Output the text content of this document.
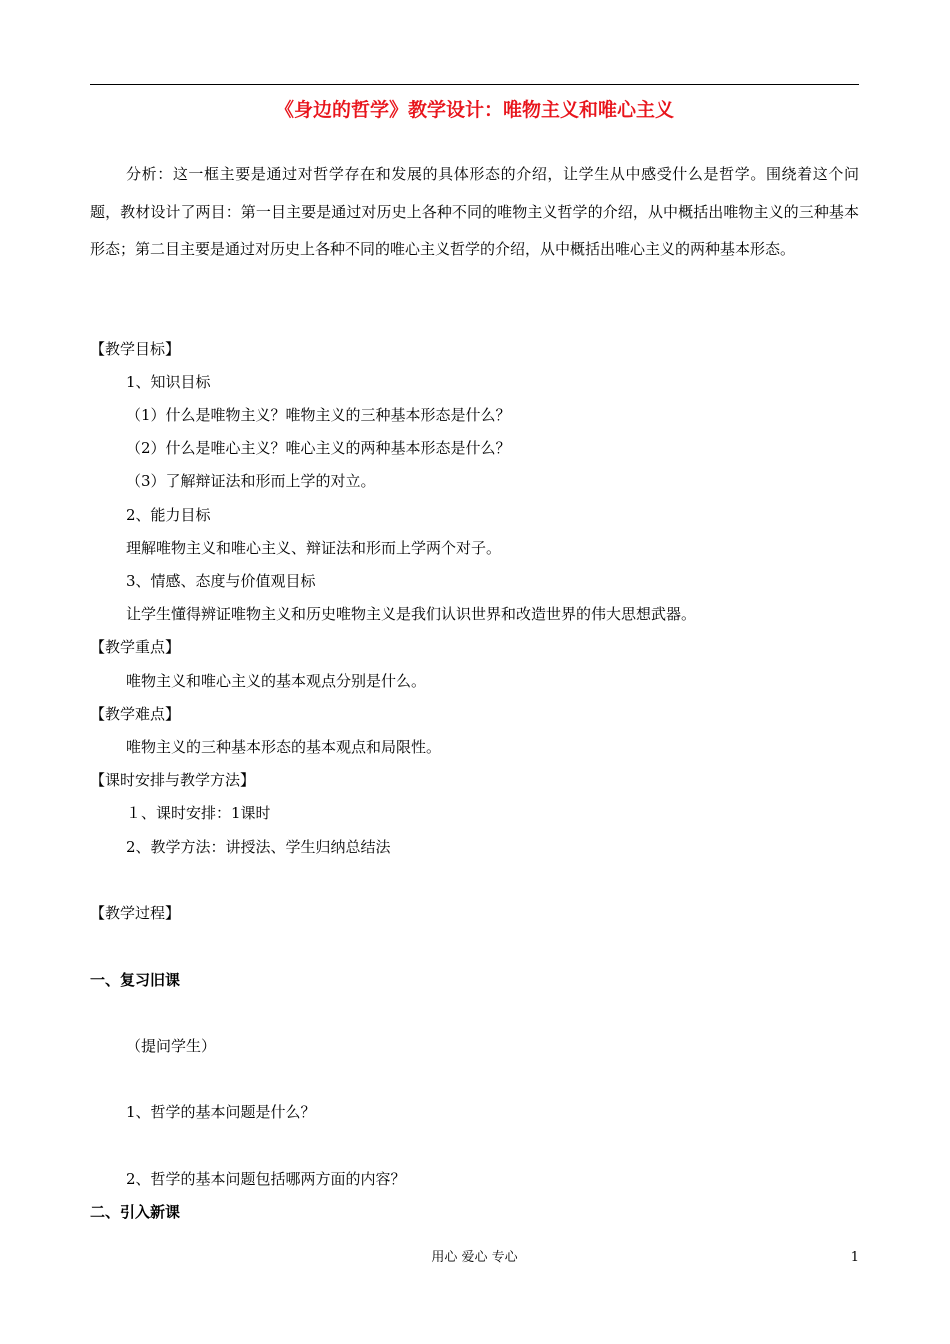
《身边的哲学》教学设计：唯物主义和唯心主义
分析：这一框主要是通过对哲学存在和发展的具体形态的介绍，让学生从中感受什么是哲学。围绕着这个问题，教材设计了两目：第一目主要是通过对历史上各种不同的唯物主义哲学的介绍，从中概括出唯物主义的三种基本形态；第二目主要是通过对历史上各种不同的唯心主义哲学的介绍，从中概括出唯心主义的两种基本形态。
【教学目标】
1、知识目标
（1）什么是唯物主义？唯物主义的三种基本形态是什么？
（2）什么是唯心主义？唯心主义的两种基本形态是什么？
（3）了解辩证法和形而上学的对立。
2、能力目标
理解唯物主义和唯心主义、辩证法和形而上学两个对子。
3、情感、态度与价值观目标
让学生懂得辨证唯物主义和历史唯物主义是我们认识世界和改造世界的伟大思想武器。
【教学重点】
唯物主义和唯心主义的基本观点分别是什么。
【教学难点】
唯物主义的三种基本形态的基本观点和局限性。
【课时安排与教学方法】
１、课时安排：1课时
2、教学方法：讲授法、学生归纳总结法
【教学过程】
一、复习旧课
（提问学生）
1、哲学的基本问题是什么？
2、哲学的基本问题包括哪两方面的内容？
二、引入新课
用心 爱心 专心	1
